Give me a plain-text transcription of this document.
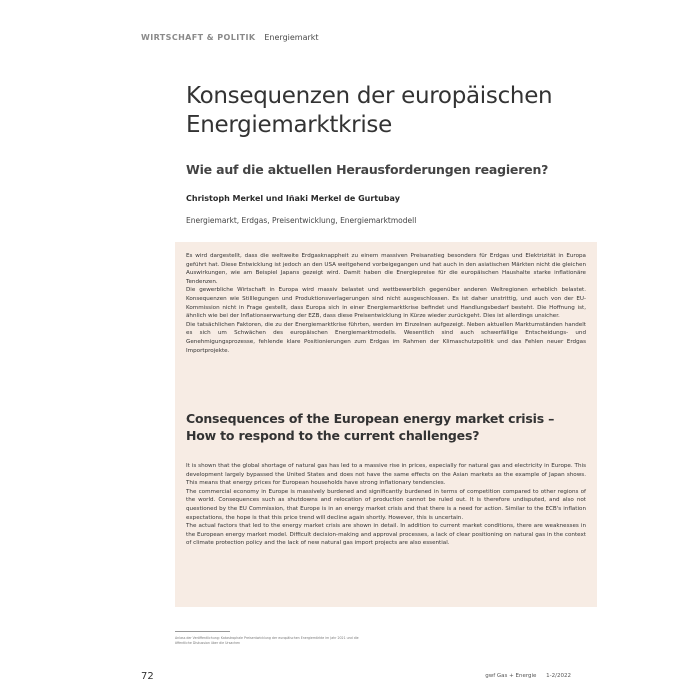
WIRTSCHAFT & POLITIK Energiemarkt
Konsequenzen der europäischen
Energiemarktkrise
Wie auf die aktuellen Herausforderungen reagieren?
Christoph Merkel und Iñaki Merkel de Gurtubay
Energiemarkt, Erdgas, Preisentwicklung, Energiemarktmodell

Es wird dargestellt, dass die weltweite Erdgasknappheit zu einem massiven Preisanstieg besonders für Erdgas und Elektrizität in Europa geführt hat. Diese Entwicklung ist jedoch an den USA weitgehend vorbeigegangen und hat auch in den asiatischen Märkten nicht die gleichen Auswirkungen, wie am Beispiel Japans gezeigt wird. Damit haben die Energiepreise für die europäischen Haushalte starke inflationäre Tendenzen.

Die gewerbliche Wirtschaft in Europa wird massiv belastet und wettbewerblich gegenüber anderen Weltregionen erheblich belastet. Konsequenzen wie Stilllegungen und Produktionsverlagerungen sind nicht ausgeschlossen. Es ist daher unstrittig, und auch von der EU-Kommission nicht in Frage gestellt, dass Europa sich in einer Energiemarktkrise befindet und Handlungsbedarf besteht. Die Hoffnung ist, ähnlich wie bei der Inflationserwartung der EZB, dass diese Preisentwicklung in Kürze wieder zurückgeht. Dies ist allerdings unsicher.

Die tatsächlichen Faktoren, die zu der Energiemarktkrise führten, werden im Einzelnen aufgezeigt. Neben aktuellen Marktumständen handelt es sich um Schwächen des europäischen Energiemarktmodells. Wesentlich sind auch schwerfällige Entscheidungs- und Genehmigungsprozesse, fehlende klare Positionierungen zum Erdgas im Rahmen der Klimaschutzpolitik und das Fehlen neuer Erdgas Importprojekte.

Consequences of the European energy market crisis –
How to respond to the current challenges?

It is shown that the global shortage of natural gas has led to a massive rise in prices, especially for natural gas and electricity in Europe. This development largely bypassed the United States and does not have the same effects on the Asian markets as the example of Japan shows. This means that energy prices for European households have strong inflationary tendencies.

The commercial economy in Europe is massively burdened and significantly burdened in terms of competition compared to other regions of the world. Consequences such as shutdowns and relocation of production cannot be ruled out. It is therefore undisputed, and also not questioned by the EU Commission, that Europe is in an energy market crisis and that there is a need for action. Similar to the ECB's inflation expectations, the hope is that this price trend will decline again shortly. However, this is uncertain.

The actual factors that led to the energy market crisis are shown in detail. In addition to current market conditions, there are weaknesses in the European energy market model. Difficult decision-making and approval processes, a lack of clear positioning on natural gas in the context of climate protection policy and the lack of new natural gas import projects are also essential.

Anlass der Veröffentlichung: Katastrophale Preisentwicklung der europäischen Energiemärkte im Jahr 2021 und die
öffentliche Diskussion über die Ursachen
72	gwf Gas + Energie 1-2/2022
